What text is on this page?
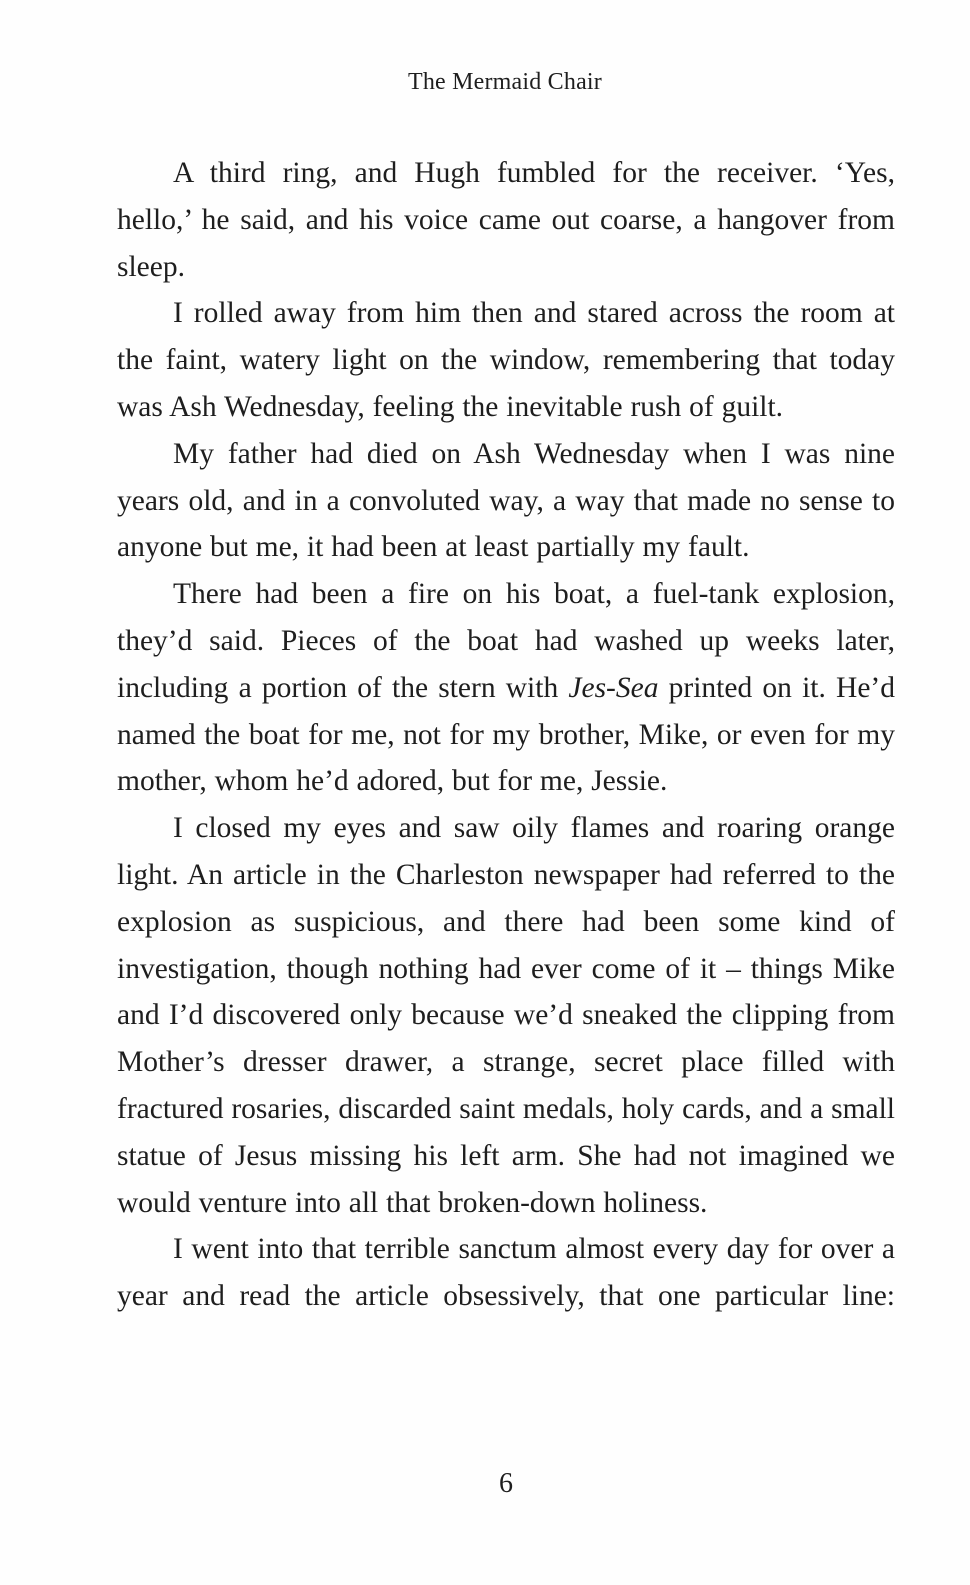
The Mermaid Chair

A third ring, and Hugh fumbled for the receiver. ‘Yes, hello,’ he said, and his voice came out coarse, a hangover from sleep.

I rolled away from him then and stared across the room at the faint, watery light on the window, remembering that today was Ash Wednesday, feeling the inevitable rush of guilt.

My father had died on Ash Wednesday when I was nine years old, and in a convoluted way, a way that made no sense to anyone but me, it had been at least partially my fault.

There had been a fire on his boat, a fuel-tank explosion, they’d said. Pieces of the boat had washed up weeks later, including a portion of the stern with Jes-Sea printed on it. He’d named the boat for me, not for my brother, Mike, or even for my mother, whom he’d adored, but for me, Jessie.

I closed my eyes and saw oily flames and roaring orange light. An article in the Charleston newspaper had referred to the explosion as suspicious, and there had been some kind of investigation, though nothing had ever come of it – things Mike and I’d discovered only because we’d sneaked the clipping from Mother’s dresser drawer, a strange, secret place filled with fractured rosaries, discarded saint medals, holy cards, and a small statue of Jesus missing his left arm. She had not imagined we would venture into all that broken-down holiness.

I went into that terrible sanctum almost every day for over a year and read the article obsessively, that one particular line:

6
